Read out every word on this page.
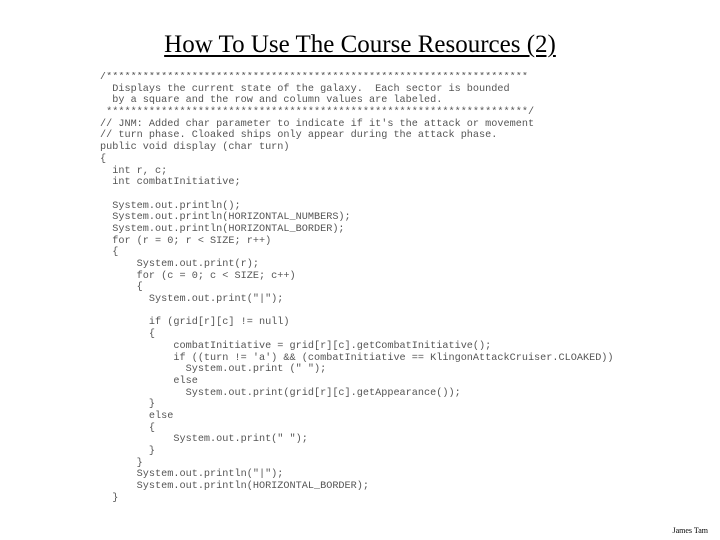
How To Use The Course Resources (2)
/*********************************************************************
Displays the current state of the galaxy.  Each sector is bounded
by a square and the row and column values are labeled.
*********************************************************************/
// JNM: Added char parameter to indicate if it's the attack or movement
// turn phase. Cloaked ships only appear during the attack phase.
public void display (char turn)
{
int r, c;
int combatInitiative;
System.out.println();
System.out.println(HORIZONTAL_NUMBERS);
System.out.println(HORIZONTAL_BORDER);
for (r = 0; r < SIZE; r++)
{
System.out.print(r);
for (c = 0; c < SIZE; c++)
{
System.out.print("|");
if (grid[r][c] != null)
{
combatInitiative = grid[r][c].getCombatInitiative();
if ((turn != 'a') && (combatInitiative == KlingonAttackCruiser.CLOAKED))
System.out.print (" ");
else
System.out.print(grid[r][c].getAppearance());
}
else
{
System.out.print(" ");
}
}
System.out.println("|");
System.out.println(HORIZONTAL_BORDER);
}
James Tam
